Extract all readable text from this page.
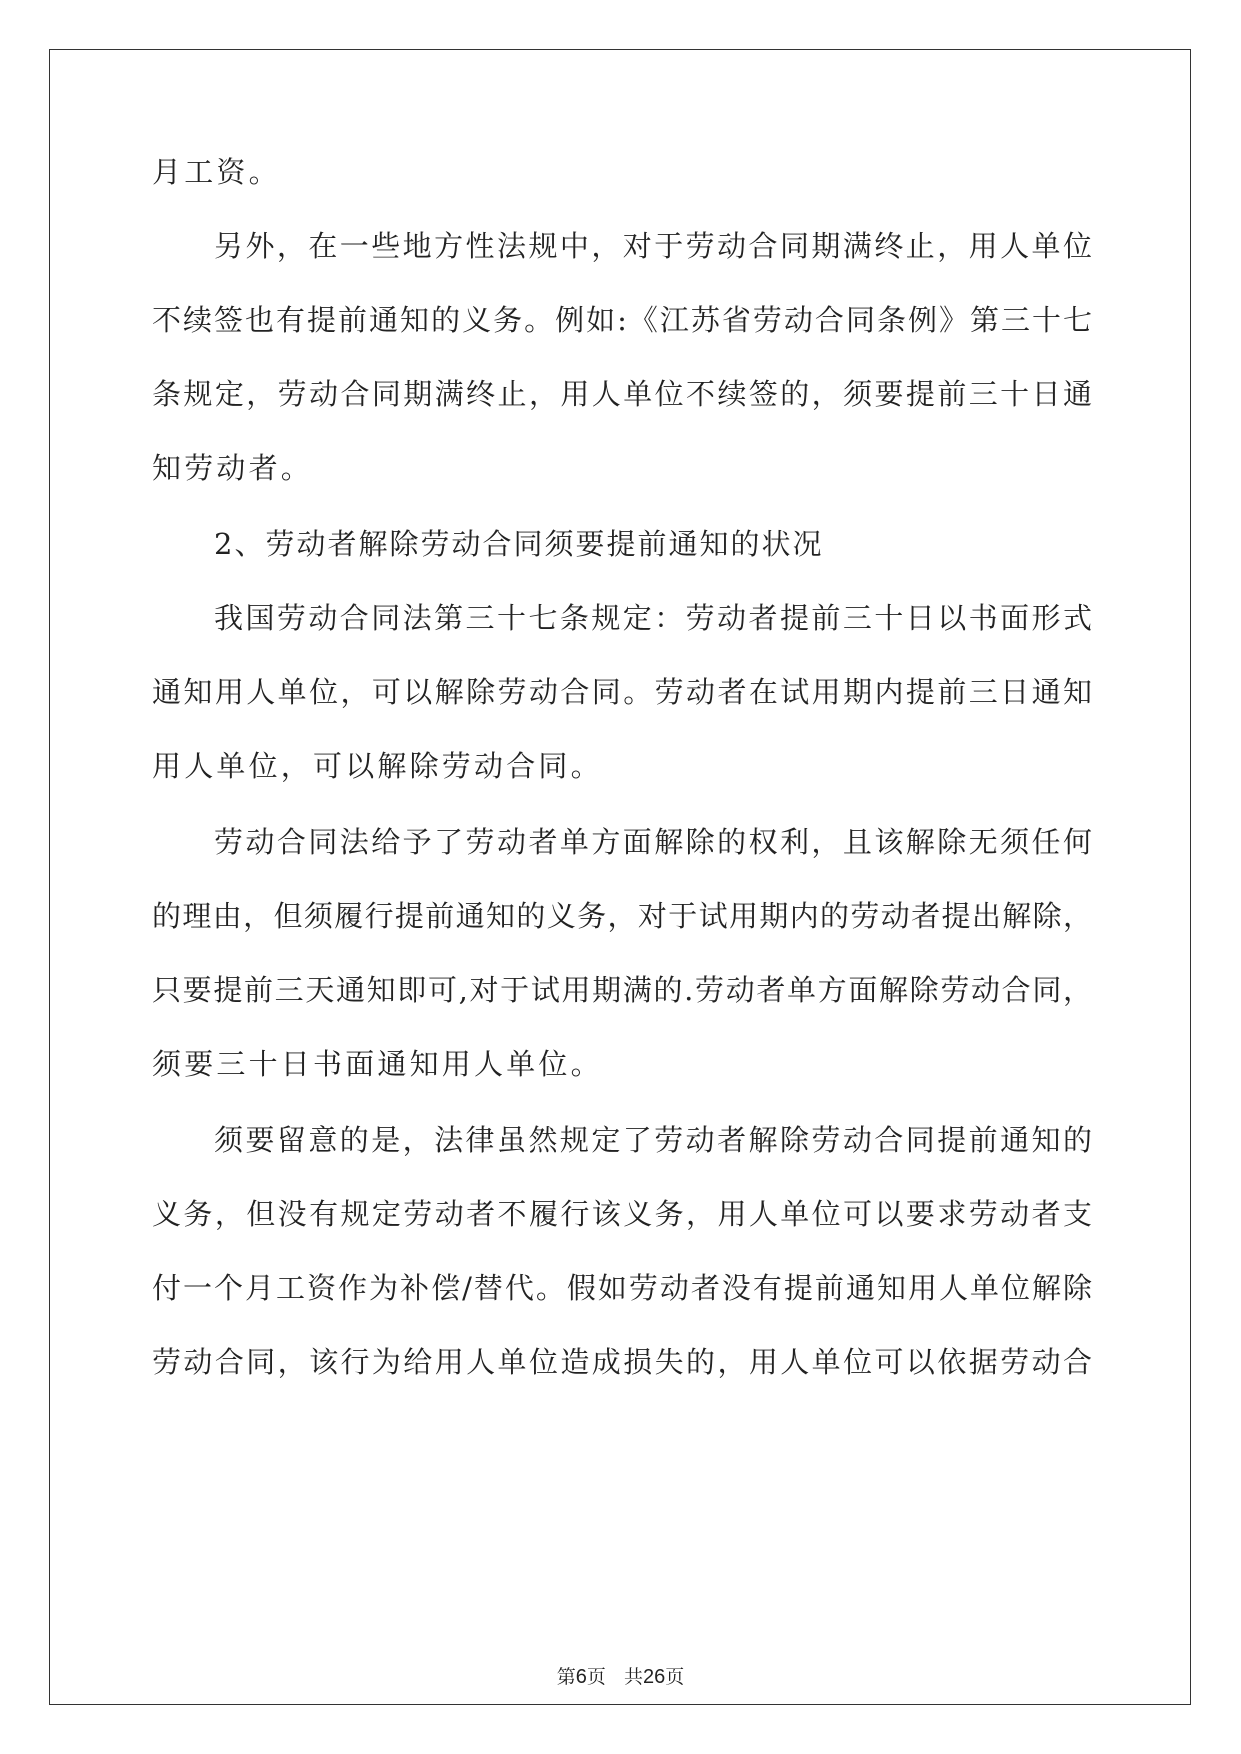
月工资。
另外，在一些地方性法规中，对于劳动合同期满终止，用人单位
不续签也有提前通知的义务。例如:《江苏省劳动合同条例》第三十七
条规定，劳动合同期满终止，用人单位不续签的，须要提前三十日通
知劳动者。
2、劳动者解除劳动合同须要提前通知的状况
我国劳动合同法第三十七条规定：劳动者提前三十日以书面形式
通知用人单位，可以解除劳动合同。劳动者在试用期内提前三日通知
用人单位，可以解除劳动合同。
劳动合同法给予了劳动者单方面解除的权利，且该解除无须任何
的理由，但须履行提前通知的义务，对于试用期内的劳动者提出解除，
只要提前三天通知即可,对于试用期满的.劳动者单方面解除劳动合同，
须要三十日书面通知用人单位。
须要留意的是，法律虽然规定了劳动者解除劳动合同提前通知的
义务，但没有规定劳动者不履行该义务，用人单位可以要求劳动者支
付一个月工资作为补偿/替代。假如劳动者没有提前通知用人单位解除
劳动合同，该行为给用人单位造成损失的，用人单位可以依据劳动合
第6页 共26页
